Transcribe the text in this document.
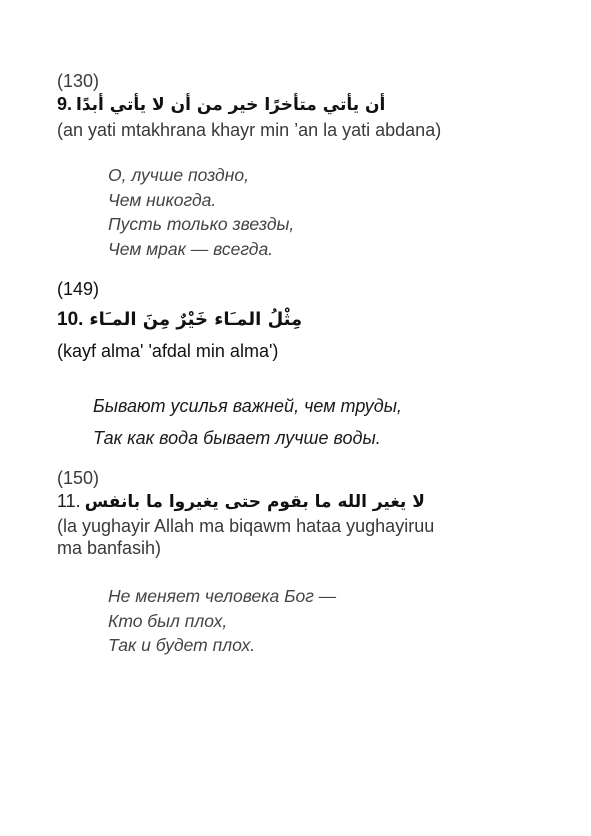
(130)
9. أن يأتي متأخرًا خير من أن لا يأتي أبدًا
(an yati mtakhrana khayr min ’an la yati abdana)
О, лучше поздно,
Чем никогда.
Пусть только звезды,
Чем мрак — всегда.
(149)
10. مِثْلُ المـَاء خَيْرٌ مِنَ المـَاء
(kayf alma' 'afdal min alma')
Бывают усилья важней, чем труды,
Так как вода бывает лучше воды.
(150)
11. لا يغير الله ما بقوم حتى يغيروا ما بانفس
(la yughayir Allah ma biqawm hataa yughayiruu
ma banfasih)
Не меняет человека Бог —
Кто был плох,
Так и будет плох.
